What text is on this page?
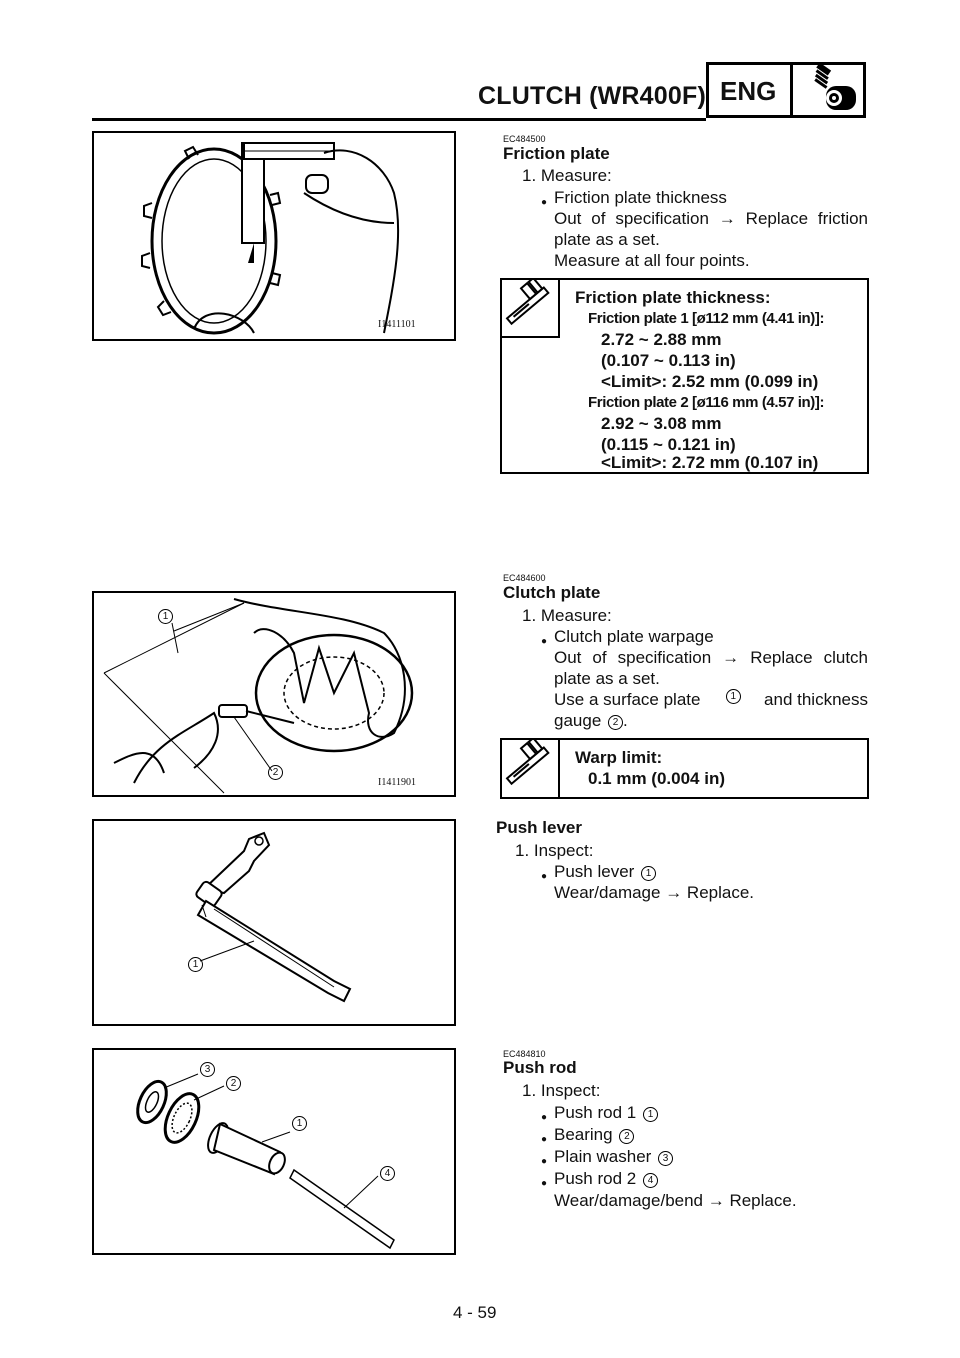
CLUTCH (WR400F) ENG
I1411101
EC484500
Friction plate
1. Measure:
● Friction plate thickness
Out of specification → Replace friction
plate as a set.
Measure at all four points.
Friction plate thickness:
Friction plate 1 [ø112 mm (4.41 in)]:
2.72 ~ 2.88 mm
(0.107 ~ 0.113 in)
<Limit>: 2.52 mm (0.099 in)
Friction plate 2 [ø116 mm (4.57 in)]:
2.92 ~ 3.08 mm
(0.115 ~ 0.121 in)
<Limit>: 2.72 mm (0.107 in)
1
2
I1411901
EC484600
Clutch plate
1. Measure:
● Clutch plate warpage
Out of specification → Replace clutch
plate as a set.
Use a surface plate	1 and thickness
gauge 2 .
Warp limit:
0.1 mm (0.004 in)
1
Push lever
1. Inspect:
● Push lever 1
Wear/damage → Replace.
3
2
1
4
EC484810
Push rod
1. Inspect:
● Push rod 1 1
● Bearing 2
● Plain washer 3
● Push rod 2 4
Wear/damage/bend → Replace.
4 - 59
